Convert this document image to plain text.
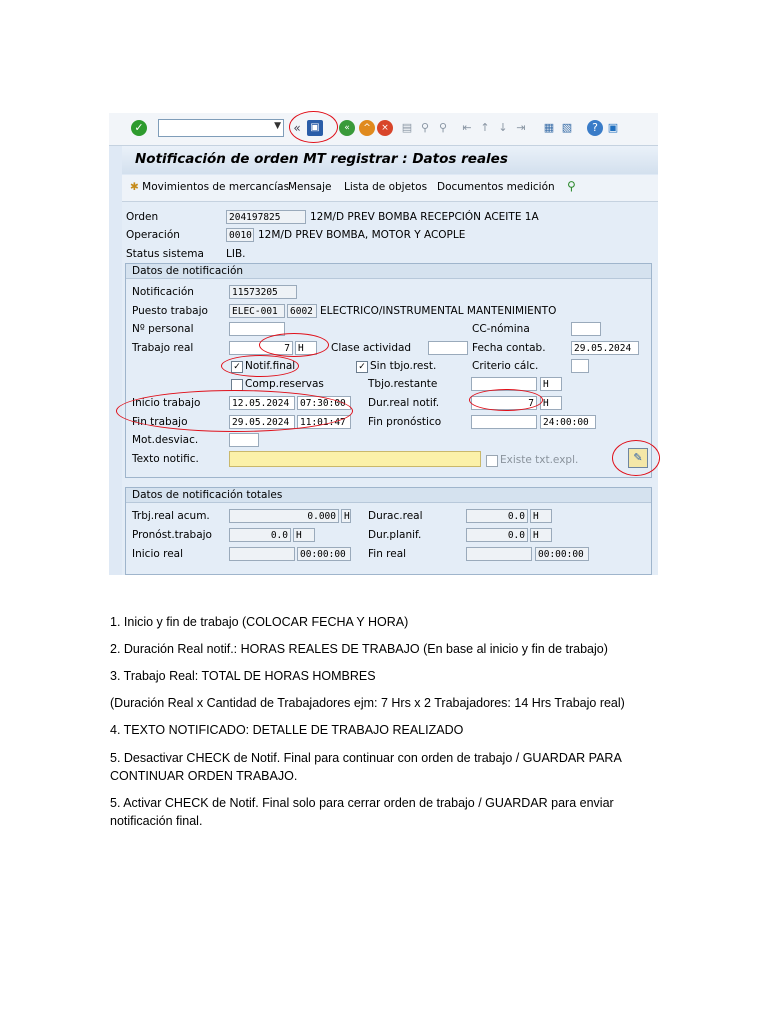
✓	▼	« ▣	«	^	×	▤ ⚲ ⚲	⇤ ↑ ↓ ⇥	▦ ▧	? ▣
Notificación de orden MT registrar : Datos reales
✱ Movimientos de mercancías
Mensaje Lista de objetos Documentos medición ⚲
Orden	204197825	12M/D PREV BOMBA RECEPCIÓN ACEITE 1A
Operación	0010 12M/D PREV BOMBA, MOTOR Y ACOPLE
Status sistema LIB.
Datos de notificación
Notificación	11573205
Puesto trabajo	ELEC-001	6002 ELECTRICO/INSTRUMENTAL MANTENIMIENTO
Nº personal	CC-nómina
Trabajo real	7 H	Clase actividad	Fecha contab.	29.05.2024
✓ Notif.final	✓ Sin tbjo.rest.	Criterio cálc.
Comp.reservas	Tbjo.restante	H
Inicio trabajo	12.05.2024	07:30:00	Dur.real notif.	7 H
Fin trabajo	29.05.2024	11:01:47	Fin pronóstico	24:00:00
Mot.desviac.
Texto notific.	Existe txt.expl.	✎
Datos de notificación totales
Trbj.real acum.	0.000 H Durac.real	0.0 H
Pronóst.trabajo	0.0 H	Dur.planif.	0.0 H
Inicio real	00:00:00	Fin real	00:00:00
1. Inicio y fin de trabajo (COLOCAR FECHA Y HORA)
2. Duración Real notif.: HORAS REALES DE TRABAJO (En base al inicio y fin de trabajo)
3. Trabajo Real: TOTAL DE HORAS HOMBRES
(Duración Real x Cantidad de Trabajadores ejm: 7 Hrs x 2 Trabajadores: 14 Hrs Trabajo real)
4. TEXTO NOTIFICADO: DETALLE DE TRABAJO REALIZADO
5. Desactivar CHECK de Notif. Final para continuar con orden de trabajo / GUARDAR PARA CONTINUAR ORDEN TRABAJO.
5. Activar CHECK de Notif. Final solo para cerrar orden de trabajo / GUARDAR para enviar notificación final.
